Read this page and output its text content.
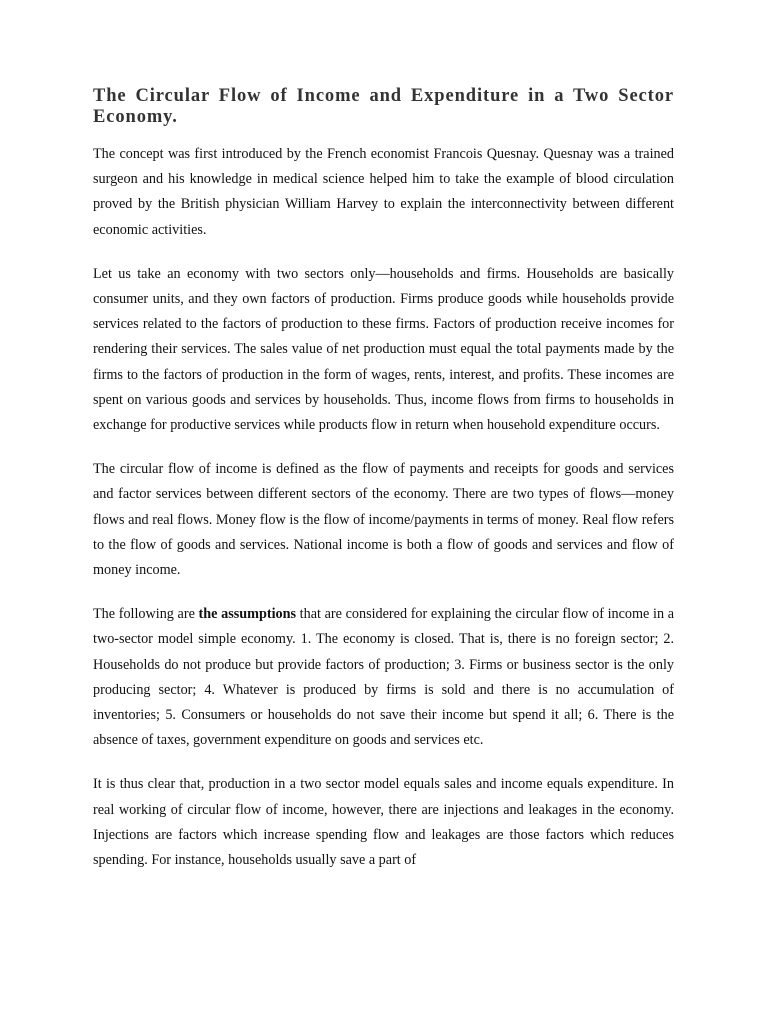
The Circular Flow of Income and Expenditure in a Two Sector Economy.

The concept was first introduced by the French economist Francois Quesnay. Quesnay was a trained surgeon and his knowledge in medical science helped him to take the example of blood circulation proved by the British physician William Harvey to explain the interconnectivity between different economic activities.

Let us take an economy with two sectors only—households and firms. Households are basically consumer units, and they own factors of production. Firms produce goods while households provide services related to the factors of production to these firms. Factors of production receive incomes for rendering their services. The sales value of net production must equal the total payments made by the firms to the factors of production in the form of wages, rents, interest, and profits. These incomes are spent on various goods and services by households. Thus, income flows from firms to households in exchange for productive services while products flow in return when household expenditure occurs.

The circular flow of income is defined as the flow of payments and receipts for goods and services and factor services between different sectors of the economy. There are two types of flows—money flows and real flows. Money flow is the flow of income/payments in terms of money. Real flow refers to the flow of goods and services. National income is both a flow of goods and services and flow of money income.

The following are the assumptions that are considered for explaining the circular flow of income in a two-sector model simple economy. 1. The economy is closed. That is, there is no foreign sector; 2. Households do not produce but provide factors of production; 3. Firms or business sector is the only producing sector; 4. Whatever is produced by firms is sold and there is no accumulation of inventories; 5. Consumers or households do not save their income but spend it all; 6. There is the absence of taxes, government expenditure on goods and services etc.

It is thus clear that, production in a two sector model equals sales and income equals expenditure. In real working of circular flow of income, however, there are injections and leakages in the economy. Injections are factors which increase spending flow and leakages are those factors which reduces spending. For instance, households usually save a part of
